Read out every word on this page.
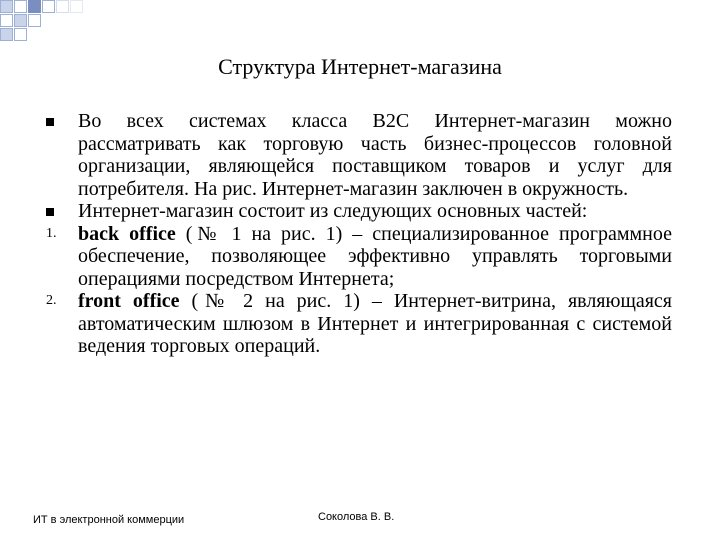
Структура Интернет-магазина
Во всех системах класса B2C Интернет-магазин можно рассматривать как торговую часть бизнес-процессов головной организации, являющейся поставщиком товаров и услуг для потребителя. На рис. Интернет-магазин заключен в окружность.
Интернет-магазин состоит из следующих основных частей:
1. back office (№ 1 на рис. 1) – специализированное программное обеспечение, позволяющее эффективно управлять торговыми операциями посредством Интернета;
2. front office (№ 2 на рис. 1) – Интернет-витрина, являющаяся автоматическим шлюзом в Интернет и интегрированная с системой ведения торговых операций.
ИТ в электронной коммерции	Соколова В. В.
